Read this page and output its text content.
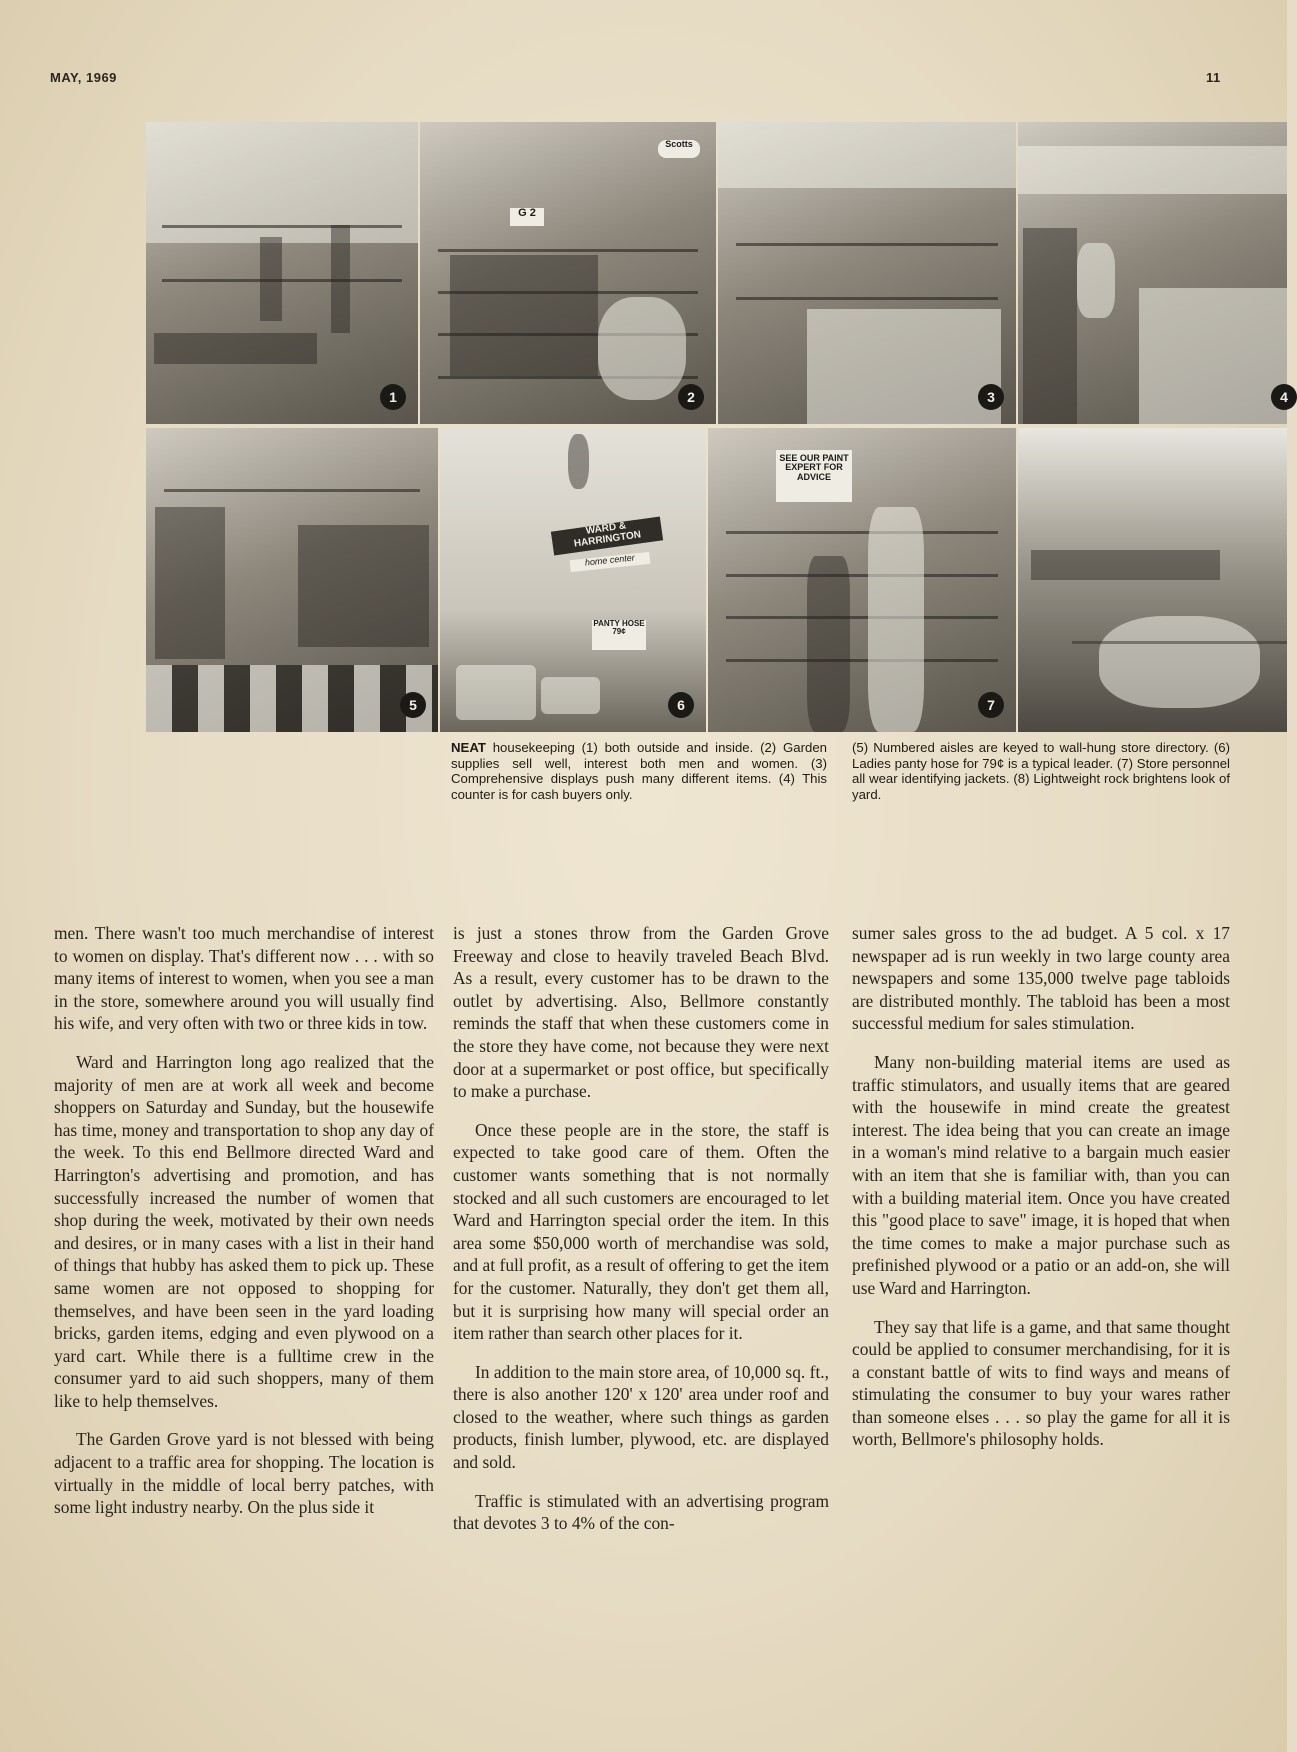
MAY, 1969	11
1
G 2
Scotts
2	3	4
5
WARD & HARRINGTON
home center
PANTY HOSE 79¢
6
SEE OUR PAINT EXPERT FOR ADVICE
7
NEAT housekeeping (1) both outside and inside. (2) Garden supplies sell well, interest both men and women. (3) Comprehensive displays push many different items. (4) This counter is for cash buyers only.
(5) Numbered aisles are keyed to wall-hung store directory. (6) Ladies panty hose for 79¢ is a typical leader. (7) Store personnel all wear identifying jackets. (8) Lightweight rock brightens look of yard.

men. There wasn't too much merchandise of interest to women on display. That's different now . . . with so many items of interest to women, when you see a man in the store, somewhere around you will usually find his wife, and very often with two or three kids in tow.

Ward and Harrington long ago realized that the majority of men are at work all week and become shoppers on Saturday and Sunday, but the housewife has time, money and transportation to shop any day of the week. To this end Bellmore directed Ward and Harrington's advertising and promotion, and has successfully increased the number of women that shop during the week, motivated by their own needs and desires, or in many cases with a list in their hand of things that hubby has asked them to pick up. These same women are not opposed to shopping for themselves, and have been seen in the yard loading bricks, garden items, edging and even plywood on a yard cart. While there is a fulltime crew in the consumer yard to aid such shoppers, many of them like to help themselves.

The Garden Grove yard is not blessed with being adjacent to a traffic area for shopping. The location is virtually in the middle of local berry patches, with some light industry nearby. On the plus side it

is just a stones throw from the Garden Grove Freeway and close to heavily traveled Beach Blvd. As a result, every customer has to be drawn to the outlet by advertising. Also, Bellmore constantly reminds the staff that when these customers come in the store they have come, not because they were next door at a supermarket or post office, but specifically to make a purchase.

Once these people are in the store, the staff is expected to take good care of them. Often the customer wants something that is not normally stocked and all such customers are encouraged to let Ward and Harrington special order the item. In this area some $50,000 worth of merchandise was sold, and at full profit, as a result of offering to get the item for the customer. Naturally, they don't get them all, but it is surprising how many will special order an item rather than search other places for it.

In addition to the main store area, of 10,000 sq. ft., there is also another 120' x 120' area under roof and closed to the weather, where such things as garden products, finish lumber, plywood, etc. are displayed and sold.

Traffic is stimulated with an advertising program that devotes 3 to 4% of the con-

sumer sales gross to the ad budget. A 5 col. x 17 newspaper ad is run weekly in two large county area newspapers and some 135,000 twelve page tabloids are distributed monthly. The tabloid has been a most successful medium for sales stimulation.

Many non-building material items are used as traffic stimulators, and usually items that are geared with the housewife in mind create the greatest interest. The idea being that you can create an image in a woman's mind relative to a bargain much easier with an item that she is familiar with, than you can with a building material item. Once you have created this "good place to save" image, it is hoped that when the time comes to make a major purchase such as prefinished plywood or a patio or an add-on, she will use Ward and Harrington.

They say that life is a game, and that same thought could be applied to consumer merchandising, for it is a constant battle of wits to find ways and means of stimulating the consumer to buy your wares rather than someone elses . . . so play the game for all it is worth, Bellmore's philosophy holds.
